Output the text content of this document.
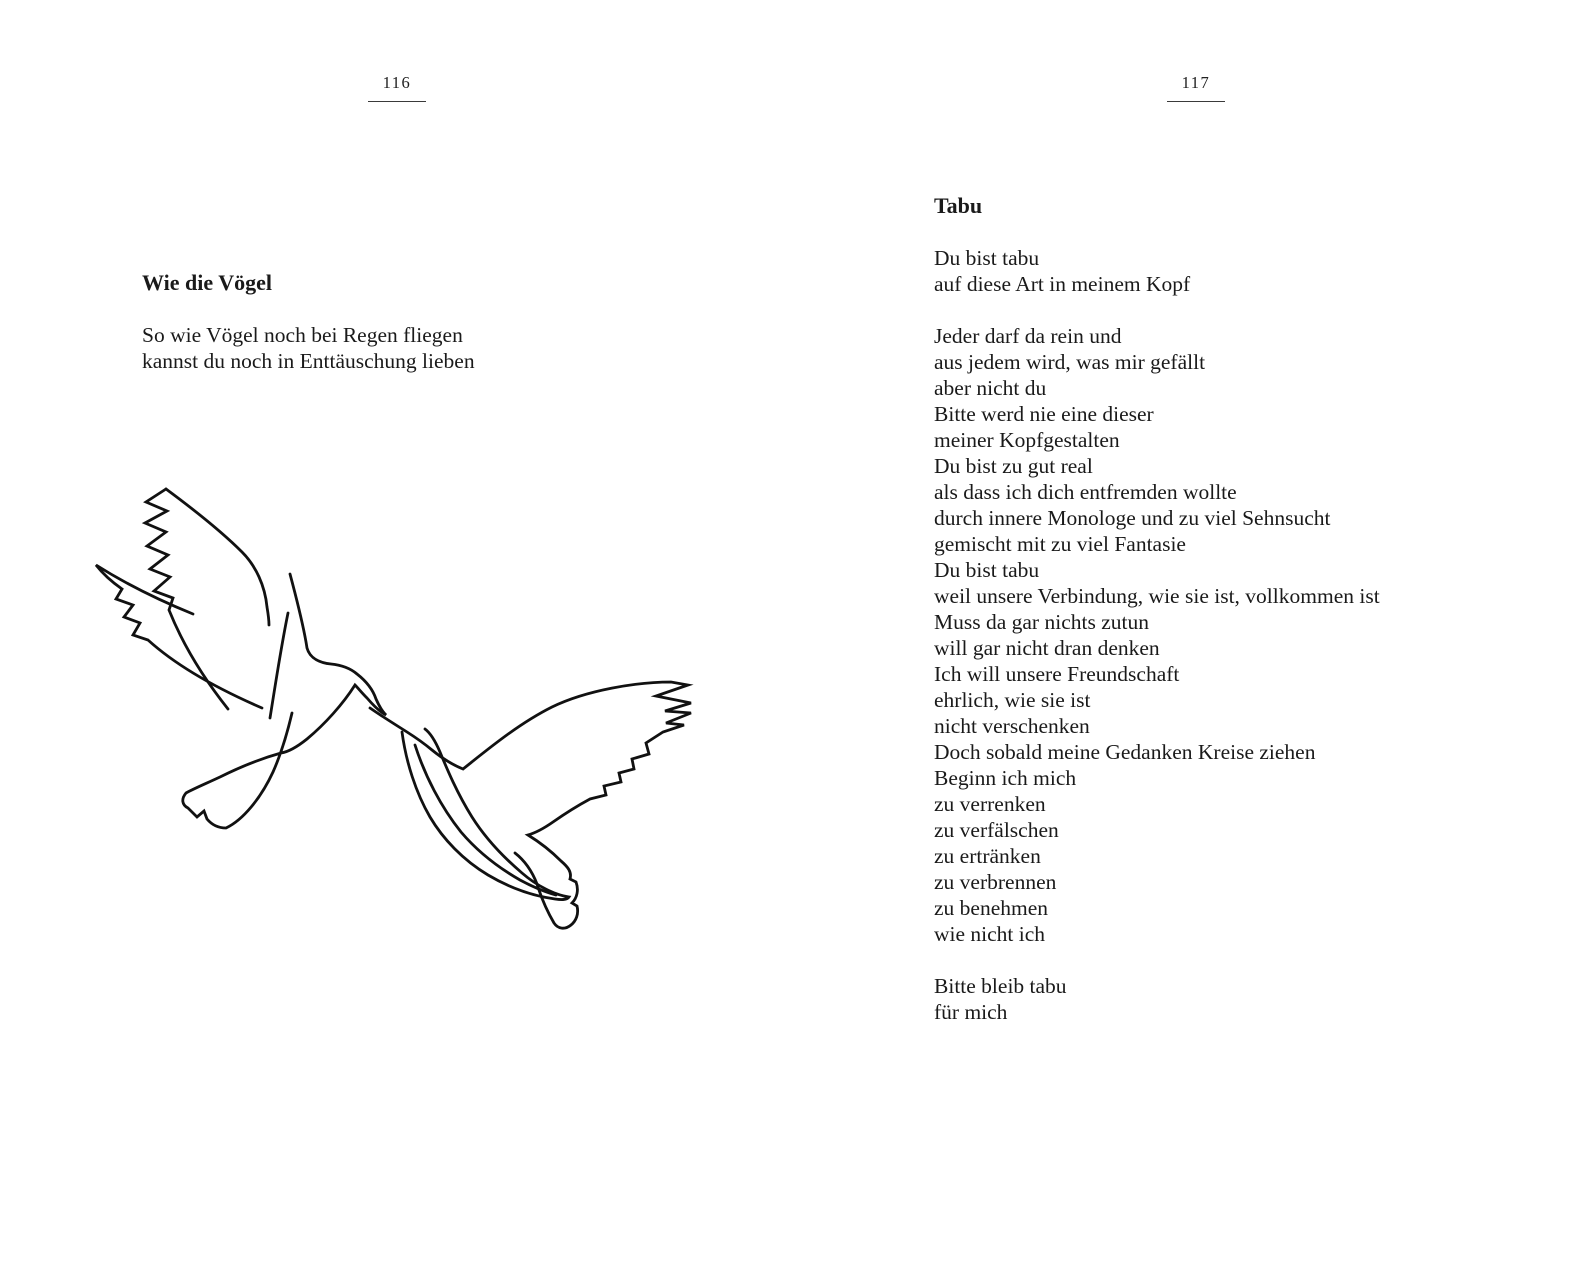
116
Wie die Vögel
So wie Vögel noch bei Regen fliegen
kannst du noch in Enttäuschung lieben
117
Tabu
Du bist tabu
auf diese Art in meinem Kopf
Jeder darf da rein und
aus jedem wird, was mir gefällt
aber nicht du
Bitte werd nie eine dieser
meiner Kopfgestalten
Du bist zu gut real
als dass ich dich entfremden wollte
durch innere Monologe und zu viel Sehnsucht
gemischt mit zu viel Fantasie
Du bist tabu
weil unsere Verbindung, wie sie ist, vollkommen ist
Muss da gar nichts zutun
will gar nicht dran denken
Ich will unsere Freundschaft
ehrlich, wie sie ist
nicht verschenken
Doch sobald meine Gedanken Kreise ziehen
Beginn ich mich
zu verrenken
zu verfälschen
zu ertränken
zu verbrennen
zu benehmen
wie nicht ich
Bitte bleib tabu
für mich
